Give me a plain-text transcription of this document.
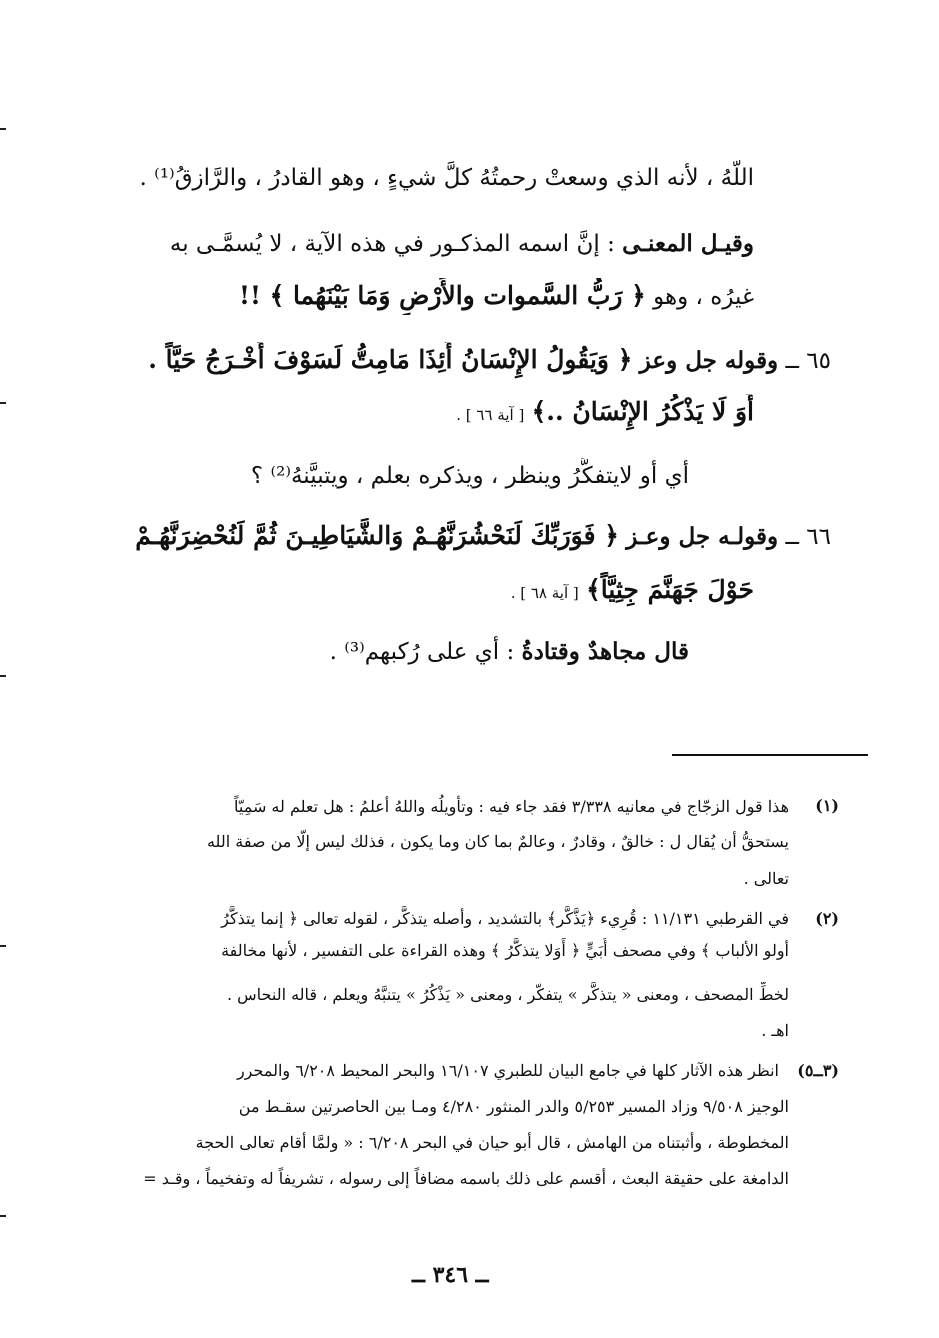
اللَّهُ ، لأنه الذي وسعتْ رحمتُهُ كلَّ شيءٍ ، وهو القادرُ ، والرَّازقُ⁽¹⁾ .
وقيـل المعنـى : إنَّ اسمه المذكـور في هذه الآية ، لا يُسمَّـى به
غيرُه ، وهو ﴿ رَبُّ السَّموات والأَرْضِ وَمَا بَيْنَهُما ﴾ !!
٦٥ ــ وقوله جل وعز ﴿ وَيَقُولُ الإِنْسَانُ أَئِذَا مَامِتُّ لَسَوْفَ أُخْـرَجُ حَيَّاً .
أَوَ لَا يَذْكُرُ الإِنْسَانُ ..﴾ [ آية ٦٦ ] .
أي أو لايتفكَّرُ وينظر ، ويذكره بعلم ، ويتبيَّنهُ⁽²⁾ ؟
٦٦ ــ وقولـه جل وعـز ﴿ فَوَرَبِّكَ لَنَحْشُرَنَّهُـمْ وَالشَّيَاطِيـنَ ثُمَّ لَنُحْضِرَنَّهُـمْ
حَوْلَ جَهَنَّمَ جِثِيَّاً﴾ [ آية ٦٨ ] .
قال مجاهدٌ وقتادةُ : أي على رُكبهم⁽³⁾ .
(١)
هذا قول الزجّاج في معانيه ٣/٣٣٨ فقد جاء فيه : وتأويلُه واللهُ أعلمُ : هل تعلم له سَمِيّاً
يستحقُّ أن يُقال ل : خالقٌ ، وقادرٌ ، وعالمٌ بما كان وما يكون ، فذلك ليس إلّا من صفة الله
تعالى .
(٢)
في القرطبي ١١/١٣١ : قُرِيء ﴿يَذَّكَّر﴾ بالتشديد ، وأصله يتذكَّر ، لقوله تعالى ﴿ إنما يتذكَّرُ
أولو الألباب ﴾ وفي مصحف أُبَيٍّ ﴿ أَوَلا يتذكَّرُ ﴾ وهذه القراءة على التفسير ، لأنها مخالفة
لخطِّ المصحف ، ومعنى « يتذكَّر » يتفكّر ، ومعنى « يَذْكُرُ » يتنبَّهُ ويعلم ، قاله النحاس .
اهـ .
(٣ــ٥)
انظر هذه الآثار كلها في جامع البيان للطبري ١٦/١٠٧ والبحر المحيط ٦/٢٠٨ والمحرر
الوجيز ٩/٥٠٨ وزاد المسير ٥/٢٥٣ والدر المنثور ٤/٢٨٠ ومـا بين الحاصرتين سقـط من
المخطوطة ، وأثبتناه من الهامش ، قال أبو حيان في البحر ٦/٢٠٨ : « ولمَّا أقام تعالى الحجة
الدامغة على حقيقة البعث ، أقسم على ذلك باسمه مضافاً إلى رسوله ، تشريفاً له وتفخيماً ، وقـد =
ــ ٣٤٦ ــ
